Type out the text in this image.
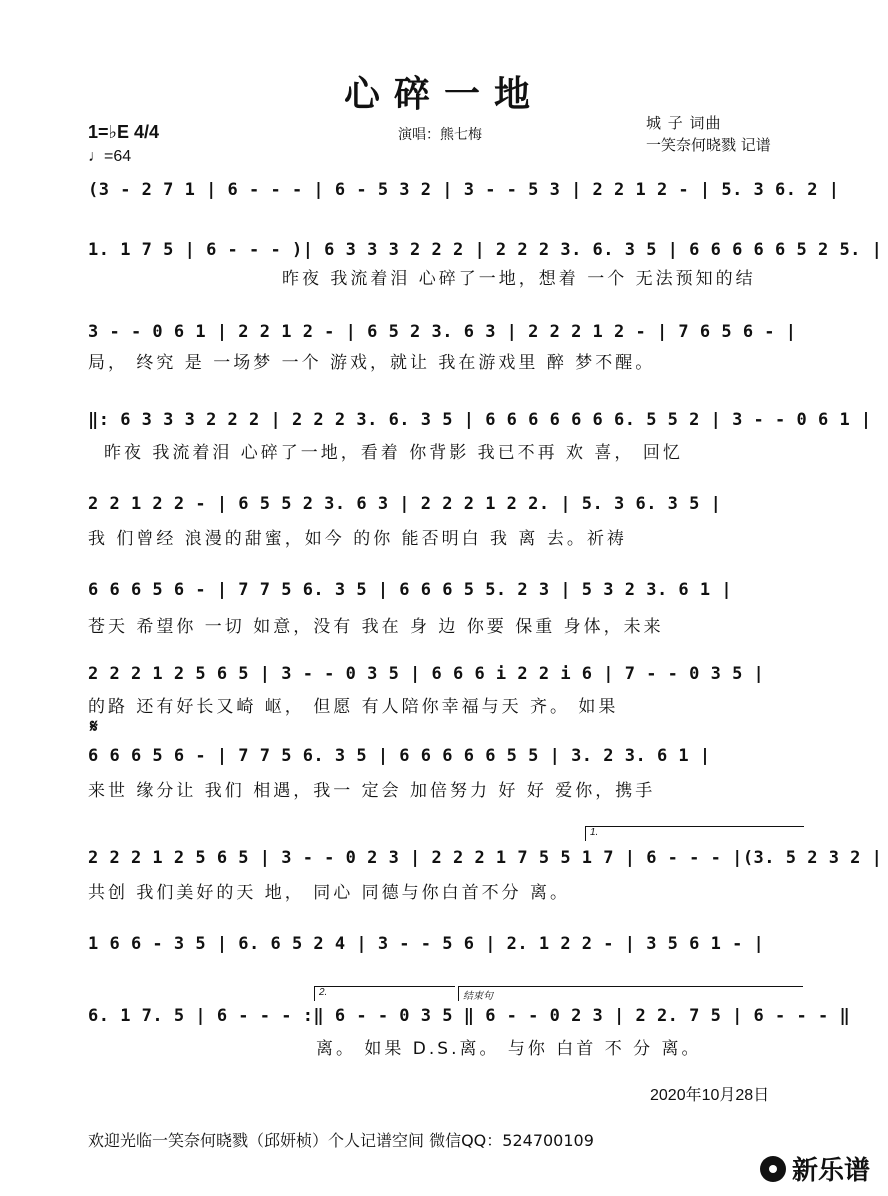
心碎一地
1=♭E 4/4
♩=64
演唱：熊七梅
城 子 词曲
一笑奈何晓戮 记谱
(3 - 2 7 1 | 6 - - - | 6 - 5 3 2 | 3 - - 5 3 | 2 2 1 2 - | 5. 3 6. 2 |
1. 1 7 5 | 6 - - - )| 6 3 3 3 2 2 2 | 2 2 2 3. 6. 3 5 | 6 6 6 6 6 5 2 5. |
昨夜 我流着泪 心碎了一地，想着 一个 无法预知的结
3 - - 0 6 1 | 2 2 1 2 - | 6 5 2 3. 6 3 | 2 2 2 1 2 - | 7 6 5 6 - |
局， 终究 是 一场梦 一个 游戏，就让 我在游戏里 醉 梦不醒。
‖: 6 3 3 3 2 2 2 | 2 2 2 3. 6. 3 5 | 6 6 6 6 6 6 6. 5 5 2 | 3 - - 0 6 1 |
昨夜 我流着泪 心碎了一地，看着 你背影 我已不再 欢 喜， 回忆
2 2 1 2 2 - | 6 5 5 2 3. 6 3 | 2 2 2 1 2 2. | 5. 3 6. 3 5 |
我 们曾经 浪漫的甜蜜，如今 的你 能否明白 我 离 去。祈祷
6 6 6 5 6 - | 7 7 5 6. 3 5 | 6 6 6 5 5. 2 3 | 5 3 2 3. 6 1 |
苍天 希望你 一切 如意，没有 我在 身 边 你要 保重 身体，未来
2 2 2 1 2 5 6 5 | 3 - - 0 3 5 | 6 6 6 i 2 2 i 6 | 7 - - 0 3 5 |
的路 还有好长又崎 岖， 但愿 有人陪你幸福与天 齐。 如果
𝄋
6 6 6 5 6 - | 7 7 5 6. 3 5 | 6 6 6 6 6 5 5 | 3. 2 3. 6 1 |
来世 缘分让 我们 相遇，我一 定会 加倍努力 好 好 爱你，携手
1.
2 2 2 1 2 5 6 5 | 3 - - 0 2 3 | 2 2 2 1 7 5 5 1 7 | 6 - - - |(3. 5 2 3 2 |
共创 我们美好的天 地， 同心 同德与你白首不分 离。
1 6 6 - 3 5 | 6. 6 5 2 4 | 3 - - 5 6 | 2. 1 2 2 - | 3 5 6 1 - |
2.	结束句
6. 1 7. 5 | 6 - - - :‖ 6 - - 0 3 5 ‖ 6 - - 0 2 3 | 2 2. 7 5 | 6 - - - ‖
离。 如果 D.S.离。 与你 白首 不 分 离。
2020年10月28日
欢迎光临一笑奈何晓戮（邱妍桢）个人记谱空间 微信QQ：524700109
新乐谱
